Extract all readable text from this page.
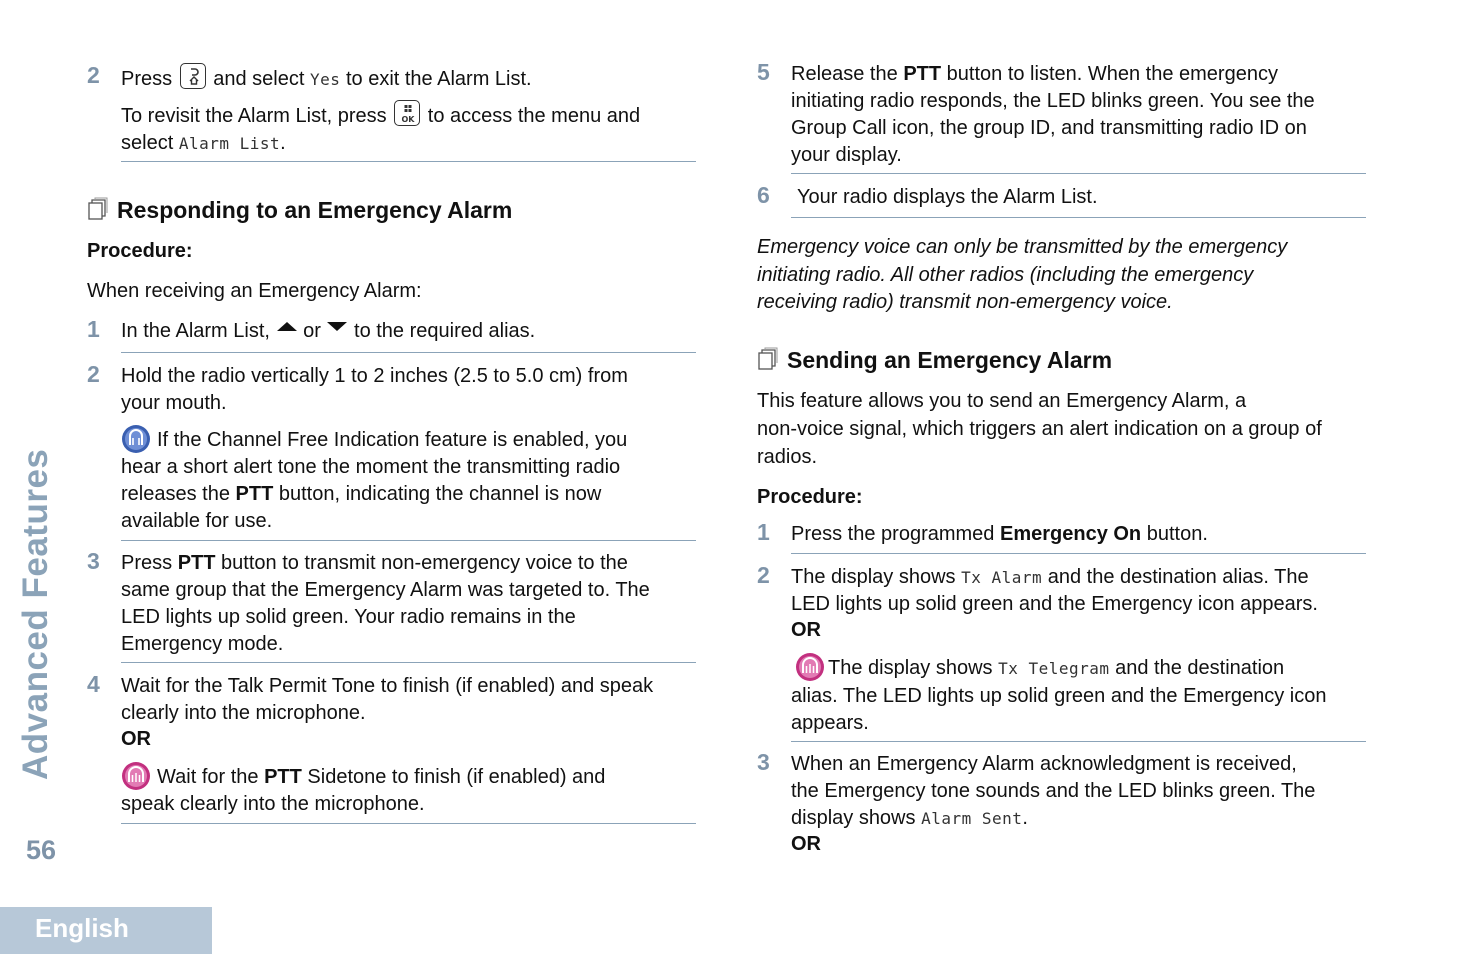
Advanced Features
56
English
2 Press and select Yes to exit the Alarm List.

To revisit the Alarm List, press OK to access the menu and
select Alarm List.
Responding to an Emergency Alarm
Procedure:
When receiving an Emergency Alarm:
1 In the Alarm List, or to the required alias.
2 Hold the radio vertically 1 to 2 inches (2.5 to 5.0 cm) from
your mouth.
If the Channel Free Indication feature is enabled, you
hear a short alert tone the moment the transmitting radio
releases the PTT button, indicating the channel is now
available for use.
3 Press PTT button to transmit non-emergency voice to the
same group that the Emergency Alarm was targeted to. The
LED lights up solid green. Your radio remains in the
Emergency mode.
4 Wait for the Talk Permit Tone to finish (if enabled) and speak
clearly into the microphone.
OR
Wait for the PTT Sidetone to finish (if enabled) and
speak clearly into the microphone.
5 Release the PTT button to listen. When the emergency
initiating radio responds, the LED blinks green. You see the
Group Call icon, the group ID, and transmitting radio ID on
your display.
6 Your radio displays the Alarm List.
Emergency voice can only be transmitted by the emergency
initiating radio. All other radios (including the emergency
receiving radio) transmit non-emergency voice.
Sending an Emergency Alarm
This feature allows you to send an Emergency Alarm, a
non-voice signal, which triggers an alert indication on a group of
radios.
Procedure:
1 Press the programmed Emergency On button.
2 The display shows Tx Alarm and the destination alias. The
LED lights up solid green and the Emergency icon appears.
OR
The display shows Tx Telegram and the destination
alias. The LED lights up solid green and the Emergency icon
appears.
3 When an Emergency Alarm acknowledgment is received,
the Emergency tone sounds and the LED blinks green. The
display shows Alarm Sent.
OR
